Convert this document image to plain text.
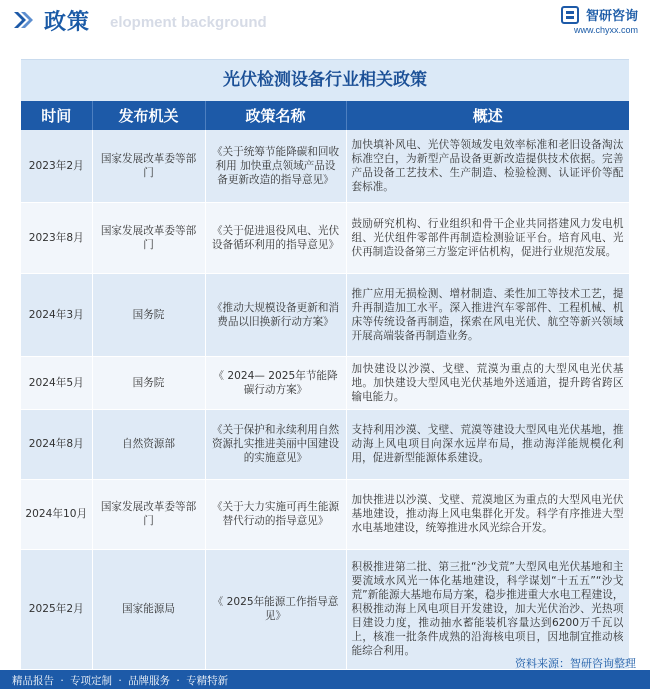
elopment background
政策	智研咨询
www.chyxx.com
光伏检测设备行业相关政策
时间	发布机关	政策名称	概述
2023年2月	国家发展改革委等部门	《关于统筹节能降碳和回收利用 加快重点领域产品设备更新改造的指导意见》	加快填补风电、光伏等领域发电效率标准和老旧设备淘汰标准空白，为新型产品设备更新改造提供技术依据。完善产品设备工艺技术、生产制造、检验检测、认证评价等配套标准。
2023年8月	国家发展改革委等部门	《关于促进退役风电、光伏设备循环利用的指导意见》	鼓励研究机构、行业组织和骨干企业共同搭建风力发电机组、光伏组件零部件再制造检测验证平台。培育风电、光伏再制造设备第三方鉴定评估机构，促进行业规范发展。
2024年3月	国务院	《推动大规模设备更新和消费品以旧换新行动方案》	推广应用无损检测、增材制造、柔性加工等技术工艺，提升再制造加工水平。深入推进汽车零部件、工程机械、机床等传统设备再制造，探索在风电光伏、航空等新兴领域开展高端装备再制造业务。
2024年5月	国务院	《 2024— 2025年节能降碳行动方案》	加快建设以沙漠、戈壁、荒漠为重点的大型风电光伏基地。加快建设大型风电光伏基地外送通道，提升跨省跨区输电能力。
2024年8月	自然资源部	《关于保护和永续利用自然资源扎实推进美丽中国建设的实施意见》	支持利用沙漠、戈壁、荒漠等建设大型风电光伏基地，推动海上风电项目向深水远岸布局，推动海洋能规模化利用，促进新型能源体系建设。
2024年10月	国家发展改革委等部门	《关于大力实施可再生能源替代行动的指导意见》	加快推进以沙漠、戈壁、荒漠地区为重点的大型风电光伏基地建设，推动海上风电集群化开发。科学有序推进大型水电基地建设，统筹推进水风光综合开发。
2025年2月	国家能源局	《 2025年能源工作指导意见》	积极推进第二批、第三批“沙戈荒”大型风电光伏基地和主要流域水风光一体化基地建设，科学谋划“十五五”“沙戈荒”新能源大基地布局方案，稳步推进重大水电工程建设，积极推动海上风电项目开发建设，加大光伏治沙、光热项目建设力度，推动抽水蓄能装机容量达到6200万千瓦以上，核准一批条件成熟的沿海核电项目，因地制宜推动核能综合利用。
资料来源：智研咨询整理
精品报告 · 专项定制 · 品牌服务 · 专精特新
